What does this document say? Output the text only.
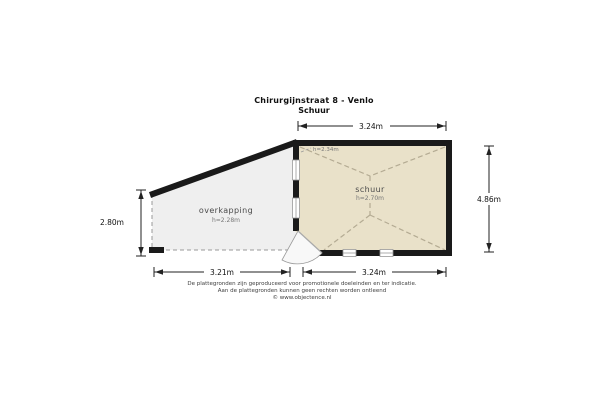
Chirurgijnstraat 8 - Venlo
Schuur
schuur
h=2.70m
h=2.34m
overkapping
h=2.28m
3.24m
4.86m
2.80m
3.21m	3.24m
De plattegronden zijn geproduceerd voor promotionele doeleinden en ter indicatie.
Aan de plattegronden kunnen geen rechten worden ontleend
© www.objectence.nl
